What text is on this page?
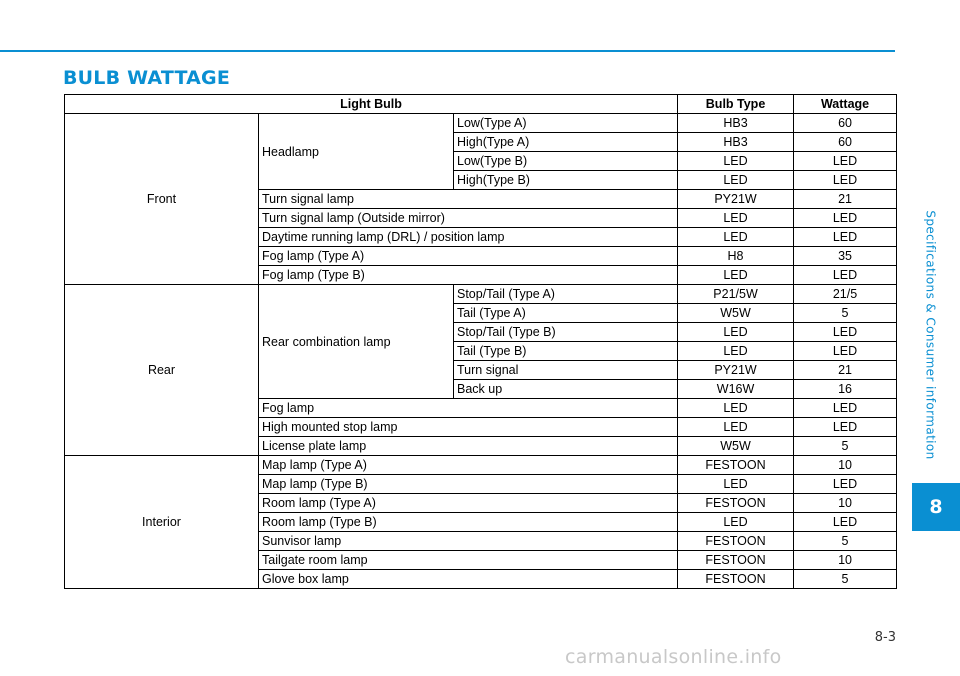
BULB WATTAGE
Specifications & Consumer information
8
Light Bulb			Bulb Type	Wattage
Front	Headlamp	Low(Type A)	HB3	60
		High(Type A)	HB3	60
		Low(Type B)	LED	LED
		High(Type B)	LED	LED
	Turn signal lamp		PY21W	21
	Turn signal lamp (Outside mirror)		LED	LED
	Daytime running lamp (DRL) / position lamp		LED	LED
	Fog lamp (Type A)		H8	35
	Fog lamp (Type B)		LED	LED
Rear	Rear combination lamp	Stop/Tail (Type A)	P21/5W	21/5
		Tail (Type A)	W5W	5
		Stop/Tail (Type B)	LED	LED
		Tail (Type B)	LED	LED
		Turn signal	PY21W	21
		Back up	W16W	16
	Fog lamp		LED	LED
	High mounted stop lamp		LED	LED
	License plate lamp		W5W	5
Interior	Map lamp (Type A)		FESTOON	10
	Map lamp (Type B)		LED	LED
	Room lamp (Type A)		FESTOON	10
	Room lamp (Type B)		LED	LED
	Sunvisor lamp		FESTOON	5
	Tailgate room lamp		FESTOON	10
	Glove box lamp		FESTOON	5
8-3
carmanualsonline.info
